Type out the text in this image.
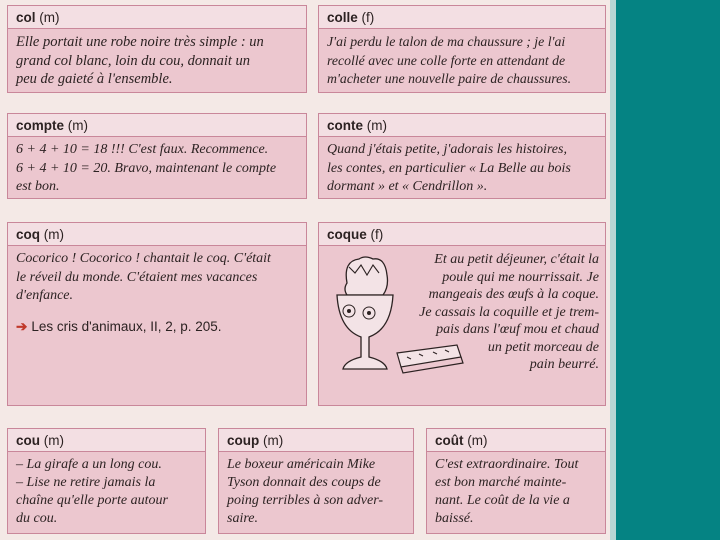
col (m)
Elle portait une robe noire très simple : un
grand col blanc, loin du cou, donnait un
peu de gaieté à l'ensemble.
colle (f)
J'ai perdu le talon de ma chaussure ; je l'ai
recollé avec une colle forte en attendant de
m'acheter une nouvelle paire de chaussures.
compte (m)
6 + 4 + 10 = 18 !!! C'est faux. Recommence.
6 + 4 + 10 = 20. Bravo, maintenant le compte
est bon.
conte (m)
Quand j'étais petite, j'adorais les histoires,
les contes, en particulier « La Belle au bois
dormant » et « Cendrillon ».
coq (m)
Cocorico ! Cocorico ! chantait le coq. C'était
le réveil du monde. C'étaient mes vacances
d'enfance.
➔ Les cris d'animaux, II, 2, p. 205.
coque (f)
Et au petit déjeuner, c'était la
poule qui me nourrissait. Je
mangeais des œufs à la coque.
Je cassais la coquille et je trem-
pais dans l'œuf mou et chaud
un petit morceau de
pain beurré.
cou (m)
– La girafe a un long cou.
– Lise ne retire jamais la
chaîne qu'elle porte autour
du cou.
coup (m)
Le boxeur américain Mike
Tyson donnait des coups de
poing terribles à son adver-
saire.
coût (m)
C'est extraordinaire. Tout
est bon marché mainte-
nant. Le coût de la vie a
baissé.
